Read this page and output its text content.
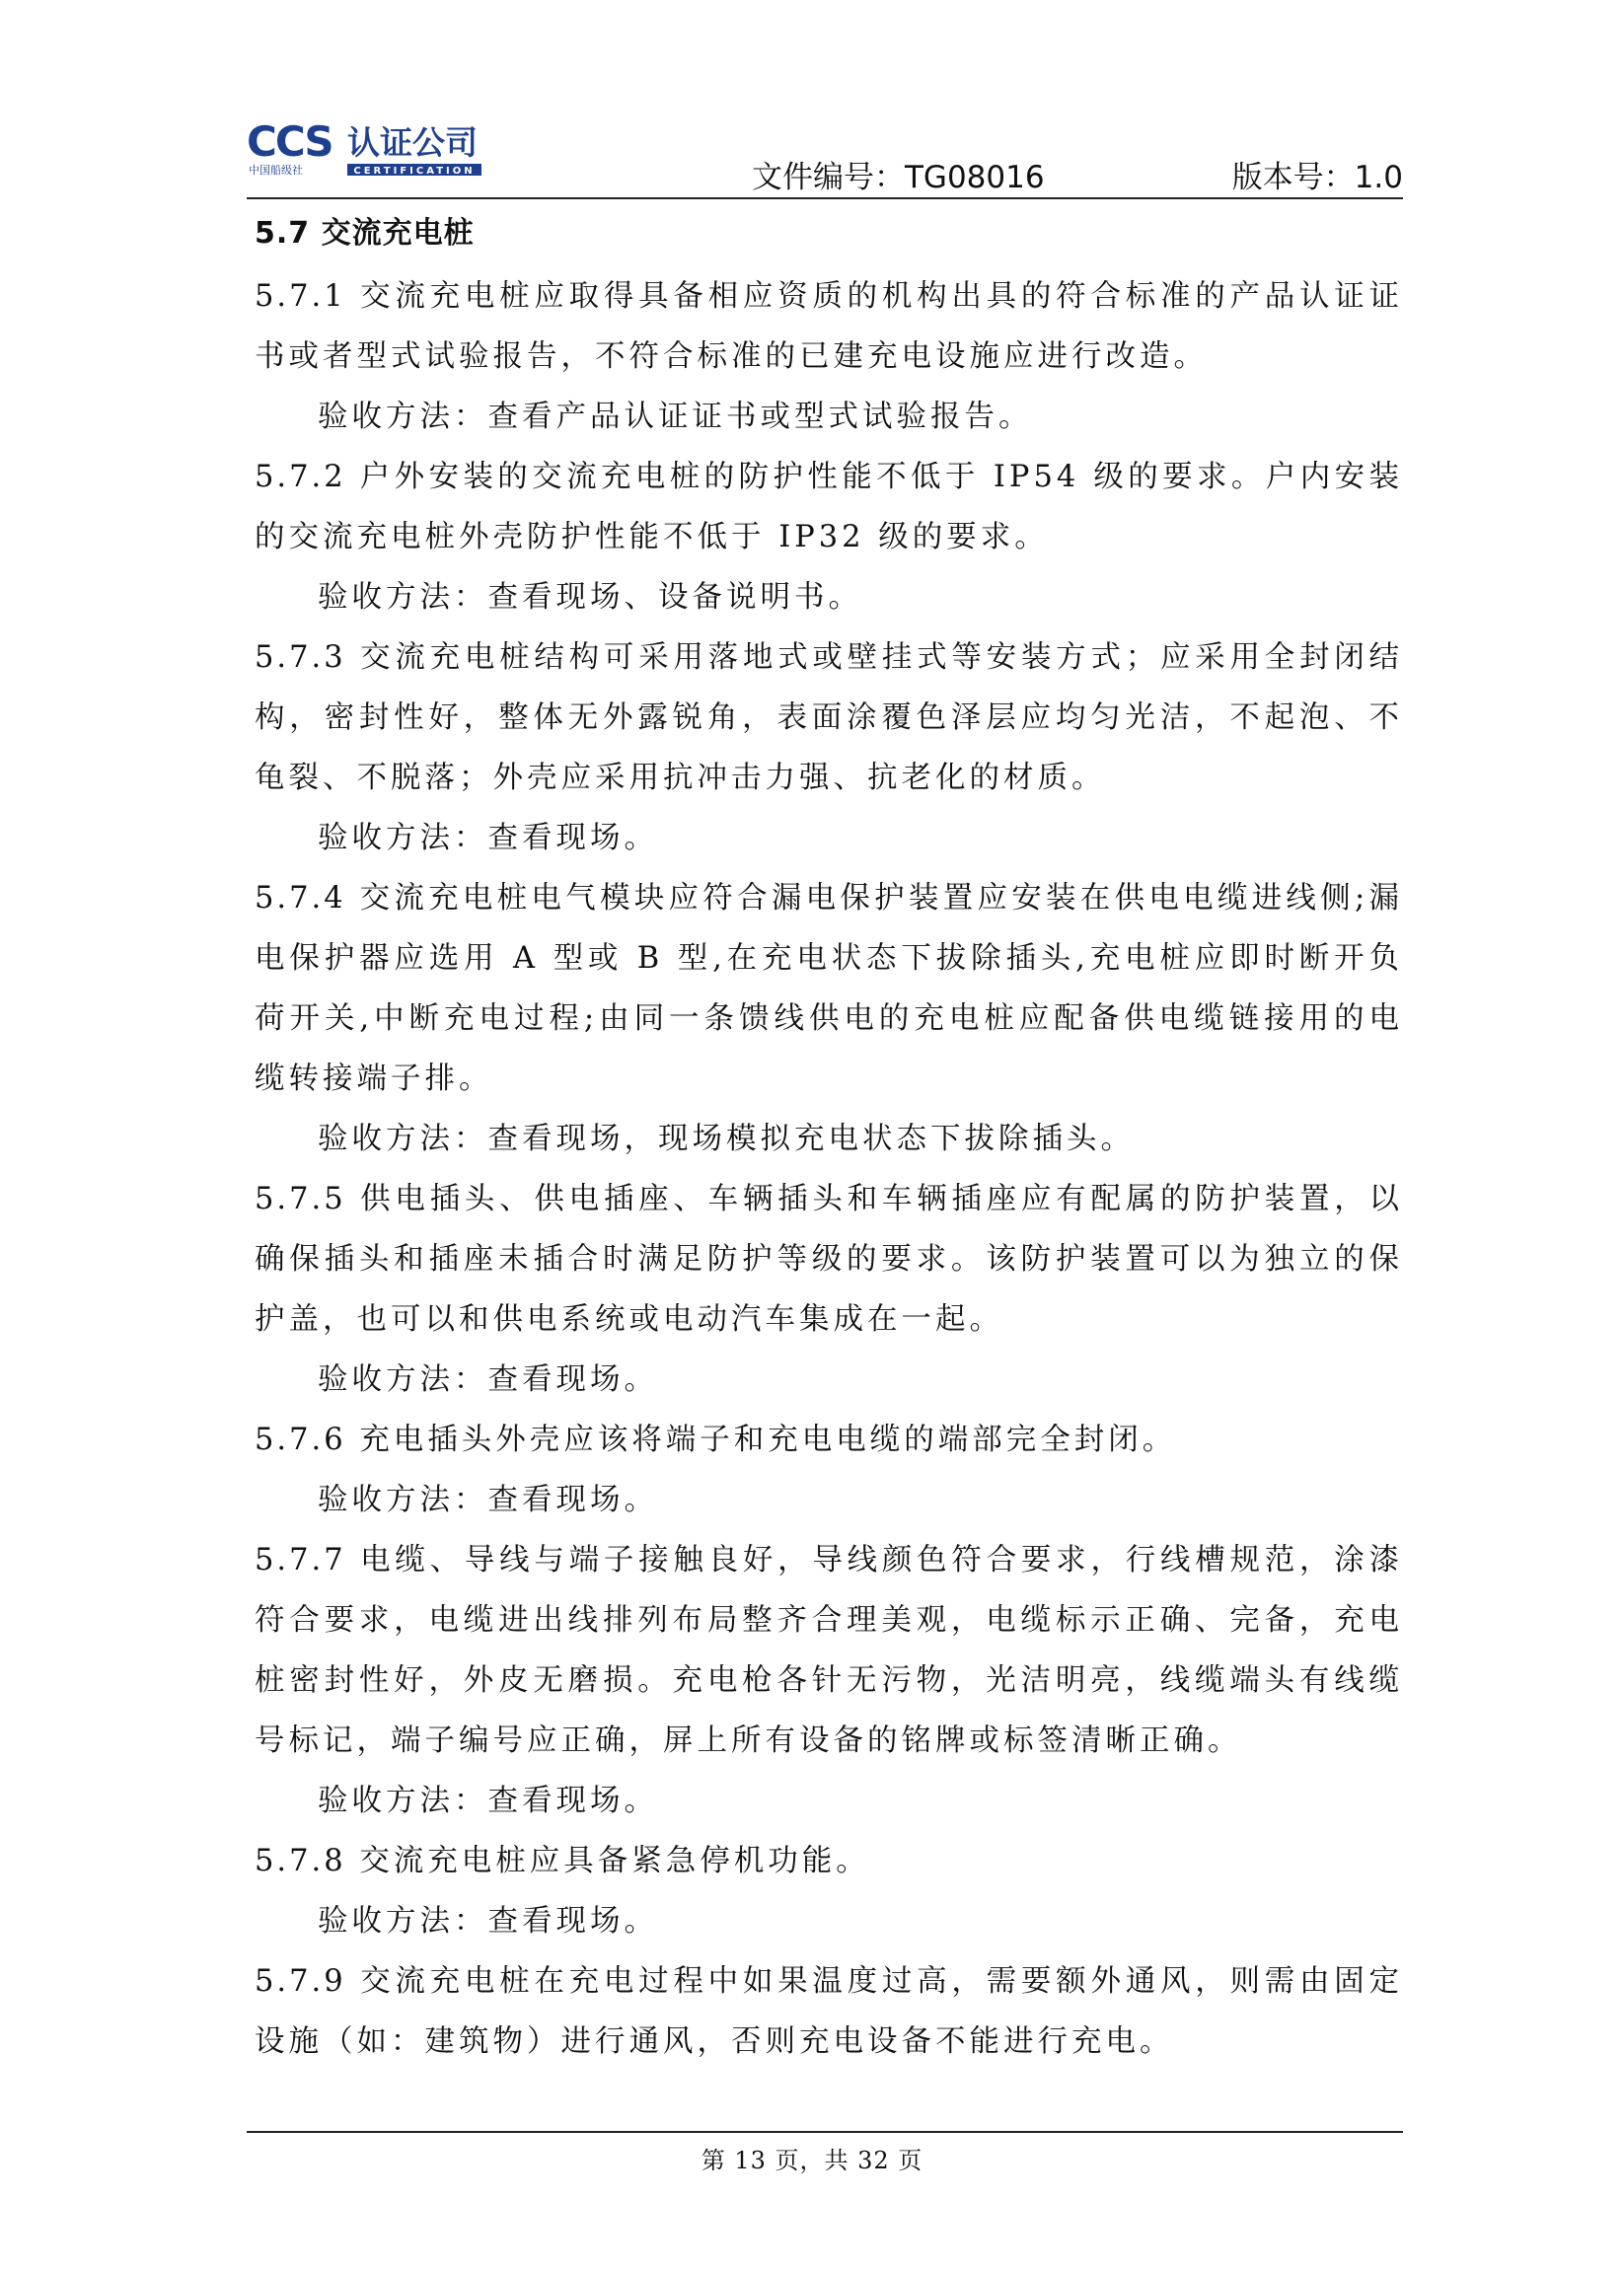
CCS 认证公司
中国船级社	CERTIFICATION	文件编号：TG08016	版本号：1.0
5.7 交流充电桩

5.7.1 交流充电桩应取得具备相应资质的机构出具的符合标准的产品认证证书或者型式试验报告，不符合标准的已建充电设施应进行改造。

验收方法：查看产品认证证书或型式试验报告。

5.7.2 户外安装的交流充电桩的防护性能不低于 IP54 级的要求。户内安装的交流充电桩外壳防护性能不低于 IP32 级的要求。

验收方法：查看现场、设备说明书。

5.7.3 交流充电桩结构可采用落地式或壁挂式等安装方式；应采用全封闭结构，密封性好，整体无外露锐角，表面涂覆色泽层应均匀光洁，不起泡、不龟裂、不脱落；外壳应采用抗冲击力强、抗老化的材质。

验收方法：查看现场。

5.7.4 交流充电桩电气模块应符合漏电保护装置应安装在供电电缆进线侧;漏电保护器应选用 A 型或 B 型,在充电状态下拔除插头,充电桩应即时断开负荷开关,中断充电过程;由同一条馈线供电的充电桩应配备供电缆链接用的电缆转接端子排。

验收方法：查看现场，现场模拟充电状态下拔除插头。

5.7.5 供电插头、供电插座、车辆插头和车辆插座应有配属的防护装置，以确保插头和插座未插合时满足防护等级的要求。该防护装置可以为独立的保护盖，也可以和供电系统或电动汽车集成在一起。

验收方法：查看现场。

5.7.6 充电插头外壳应该将端子和充电电缆的端部完全封闭。

验收方法：查看现场。

5.7.7 电缆、导线与端子接触良好，导线颜色符合要求，行线槽规范，涂漆符合要求，电缆进出线排列布局整齐合理美观，电缆标示正确、完备，充电桩密封性好，外皮无磨损。充电枪各针无污物，光洁明亮，线缆端头有线缆号标记，端子编号应正确，屏上所有设备的铭牌或标签清晰正确。

验收方法：查看现场。

5.7.8 交流充电桩应具备紧急停机功能。

验收方法：查看现场。

5.7.9 交流充电桩在充电过程中如果温度过高，需要额外通风，则需由固定设施（如：建筑物）进行通风，否则充电设备不能进行充电。

第 13 页，共 32 页
